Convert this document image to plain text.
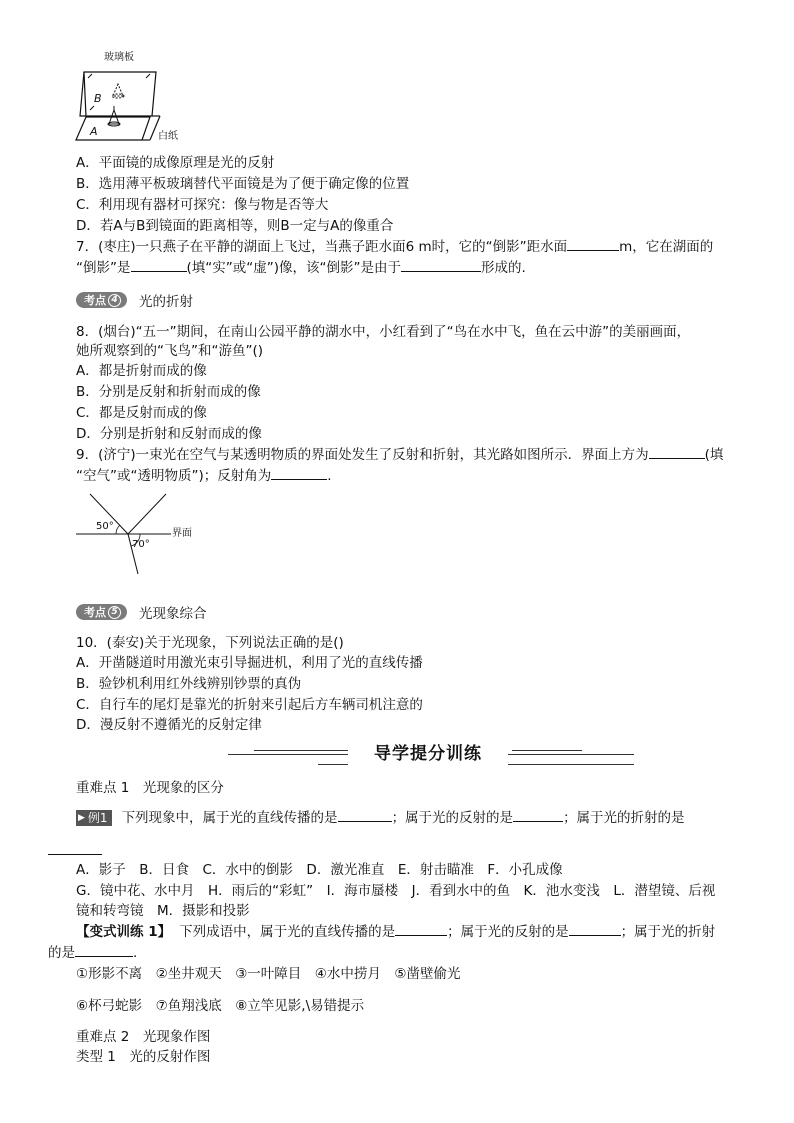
玻璃板
B
A	白纸
A．平面镜的成像原理是光的反射
B．选用薄平板玻璃替代平面镜是为了便于确定像的位置
C．利用现有器材可探究：像与物是否等大
D．若A与B到镜面的距离相等，则B一定与A的像重合
7．(枣庄)一只燕子在平静的湖面上飞过，当燕子距水面6 m时，它的“倒影”距水面	m，它在湖面的
“倒影”是	(填“实”或“虚”)像，该“倒影”是由于	形成的.
考点 4 光的折射
8．(烟台)“五一”期间，在南山公园平静的湖水中，小红看到了“鸟在水中飞，鱼在云中游”的美丽画面，
她所观察到的“飞鸟”和“游鱼”()
A．都是折射而成的像
B．分别是反射和折射而成的像
C．都是反射而成的像
D．分别是折射和反射而成的像
9．(济宁)一束光在空气与某透明物质的界面处发生了反射和折射，其光路如图所示．界面上方为	(填
“空气”或“透明物质”)；反射角为	.
50°
70°
界面
考点 5 光现象综合
10．(泰安)关于光现象，下列说法正确的是()
A．开凿隧道时用激光束引导掘进机，利用了光的直线传播
B．验钞机利用红外线辨别钞票的真伪
C．自行车的尾灯是靠光的折射来引起后方车辆司机注意的
D．漫反射不遵循光的反射定律
导学提分训练
重难点 1　光现象的区分
▶ 例1 下列现象中，属于光的直线传播的是	；属于光的反射的是	；属于光的折射的是
A．影子　B．日食　C．水中的倒影　D．激光准直　E．射击瞄准　F．小孔成像
G．镜中花、水中月　H．雨后的“彩虹”　I．海市蜃楼　J．看到水中的鱼　K．池水变浅　L．潜望镜、后视
镜和转弯镜　M．摄影和投影
【变式训练 1】 下列成语中，属于光的直线传播的是	；属于光的反射的是	；属于光的折射
的是	.
①形影不离　②坐井观天　③一叶障目　④水中捞月　⑤凿壁偷光
⑥杯弓蛇影　⑦鱼翔浅底　⑧立竿见影,\易错提示
重难点 2　光现象作图
类型 1　光的反射作图
